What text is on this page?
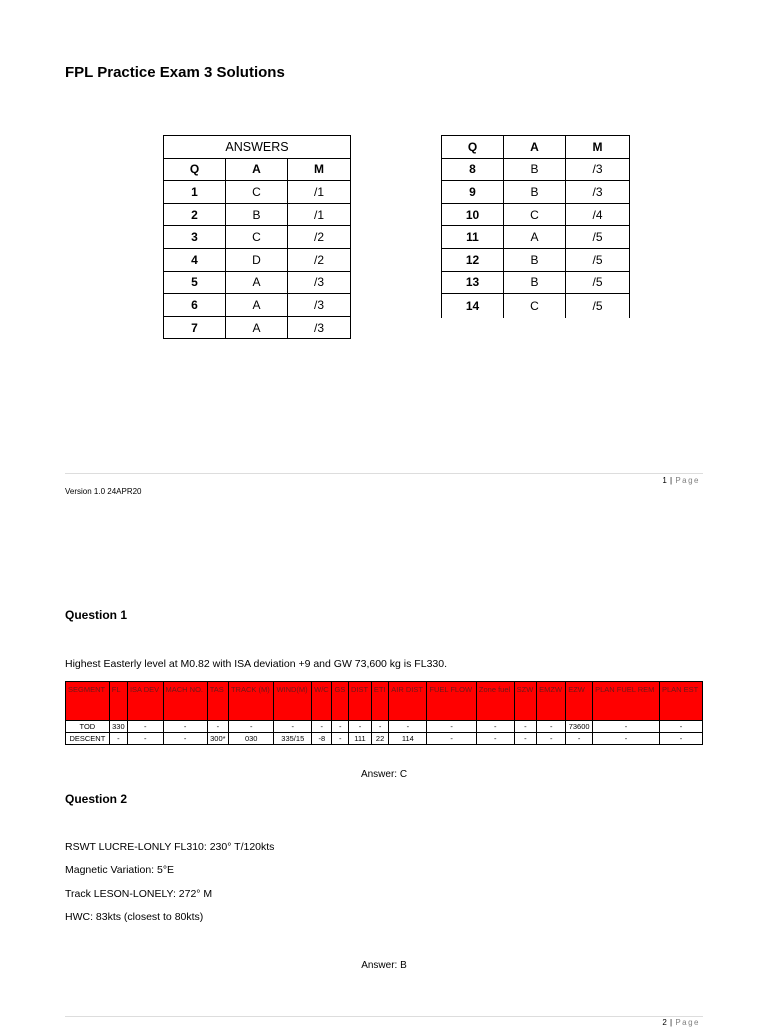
FPL Practice Exam 3 Solutions
ANSWERS		
Q	A	M
1	C	/1
2	B	/1
3	C	/2
4	D	/2
5	A	/3
6	A	/3
7	A	/3
Q	A	M
8	B	/3
9	B	/3
10	C	/4
11	A	/5
12	B	/5
13	B	/5
14	C	/5
1 | Page
Version 1.0 24APR20
Question 1
Highest Easterly level at M0.82 with ISA deviation +9 and GW 73,600 kg is FL330.
SEGMENT	FL	ISA DEV	MACH NO.	TAS	TRACK (M)	WIND(M)	W/C	GS	DIST	ETI	AIR DIST	FUEL FLOW	Zone fuel	SZW	EMZW	EZW	PLAN FUEL REM	PLAN EST
TOD	330	-	-	-	-	-	-	-	-	-	-	-	-	-	-	73600	-	-
DESCENT	-	-	-	300*	030	335/15	-8	-	111	22	114	-	-	-	-	-	-	-
Answer: C
Question 2
RSWT LUCRE-LONLY FL310: 230° T/120kts
Magnetic Variation: 5°E
Track LESON-LONELY: 272° M
HWC: 83kts (closest to 80kts)
Answer: B
2 | Page
